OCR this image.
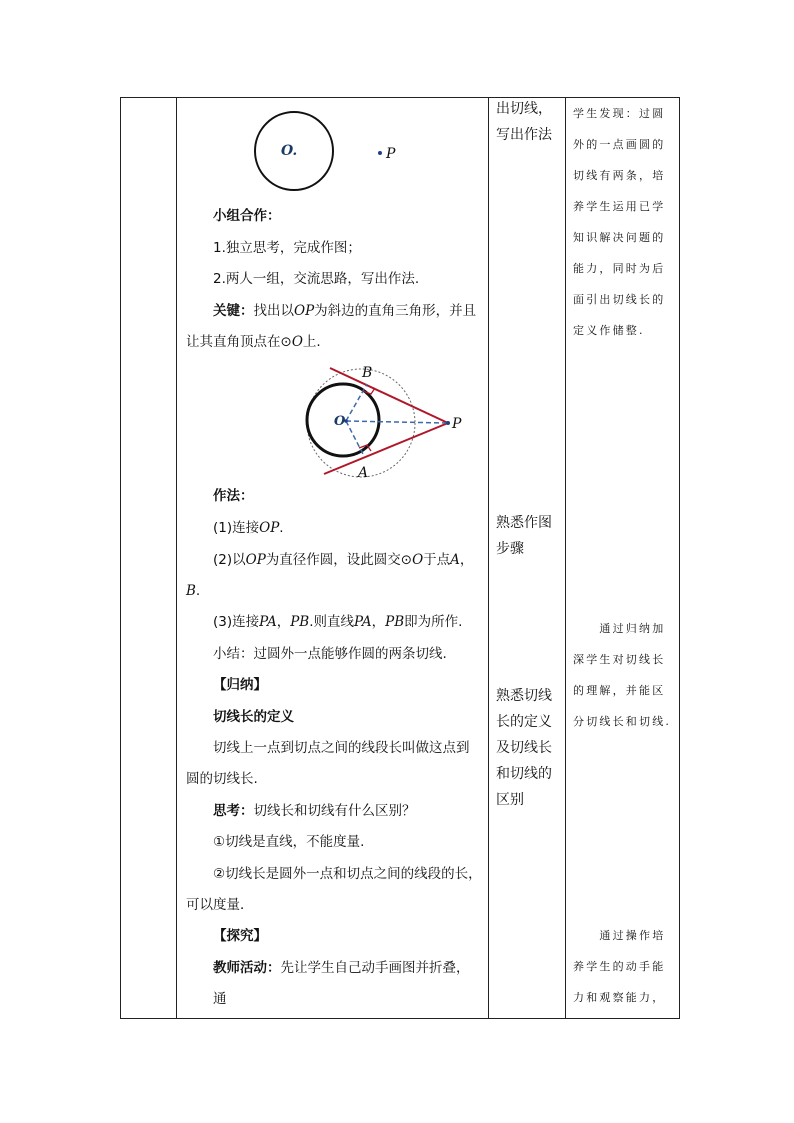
O.	P
小组合作：
1.独立思考，完成作图；
2.两人一组，交流思路，写出作法.
关键：找出以OP为斜边的直角三角形，并且
让其直角顶点在⊙O上.
B
O	P
A
作法：
(1)连接OP.
(2)以OP为直径作圆，设此圆交⊙O于点A，
B.
(3)连接PA，PB.则直线PA，PB即为所作.
小结：过圆外一点能够作圆的两条切线.
【归纳】
切线长的定义
切线上一点到切点之间的线段长叫做这点到
圆的切线长.
思考：切线长和切线有什么区别？
①切线是直线，不能度量.
②切线长是圆外一点和切点之间的线段的长，
可以度量．
【探究】
教师活动：先让学生自己动手画图并折叠，
通
出切线，写出作法
熟悉作图步骤
熟悉切线长的定义及切线长和切线的区别
学生发现：过圆外的一点画圆的切线有两条，培养学生运用已学知识解决问题的能力，同时为后面引出切线长的定义作储整.
　　通过归纳加深学生对切线长的理解，并能区分切线长和切线.
　　通过操作培养学生的动手能力和观察能力，
